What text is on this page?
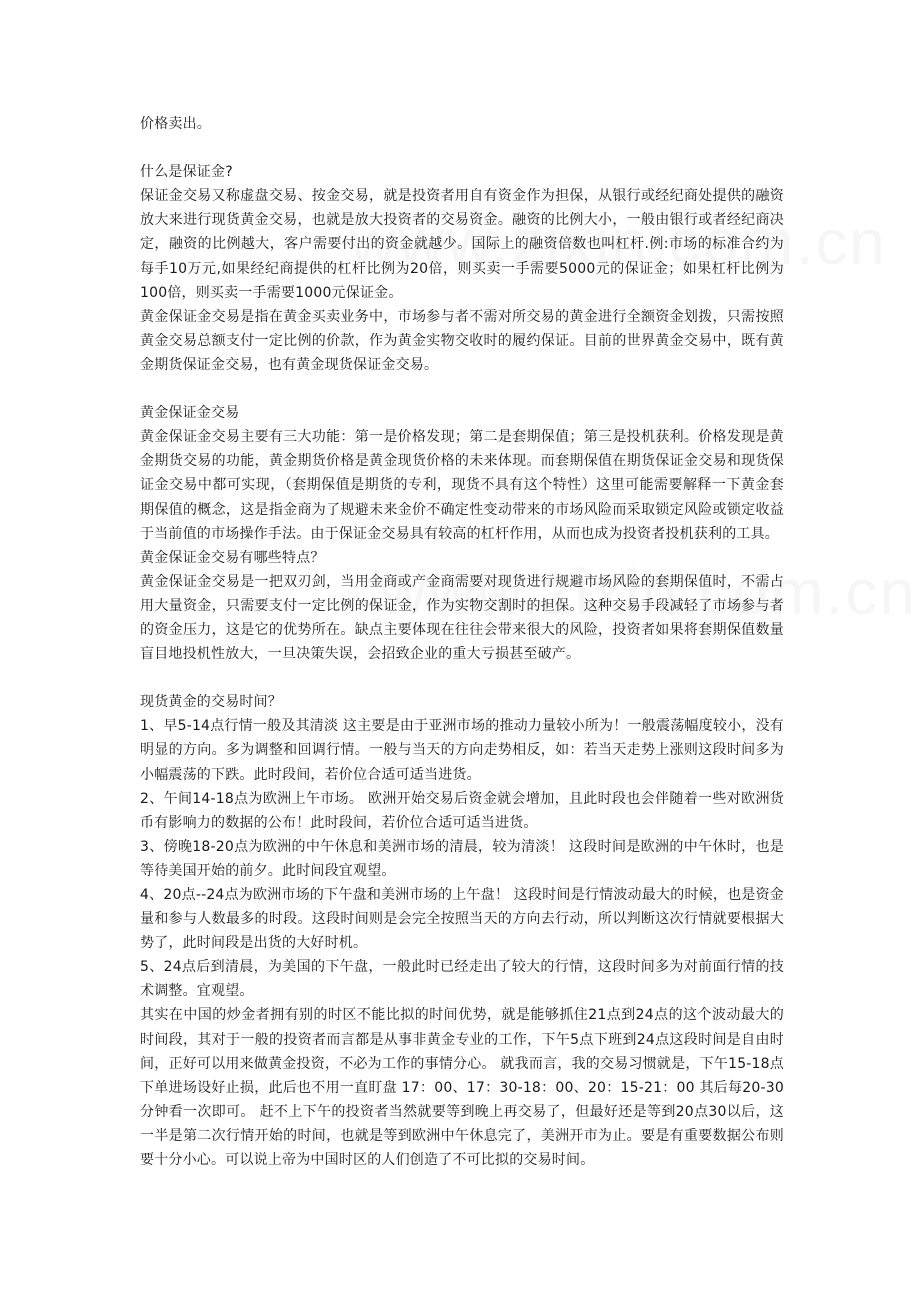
价格卖出。

什么是保证金?

保证金交易又称虚盘交易、按金交易，就是投资者用自有资金作为担保，从银行或经纪商处提供的融资放大来进行现货黄金交易，也就是放大投资者的交易资金。融资的比例大小，一般由银行或者经纪商决定，融资的比例越大，客户需要付出的资金就越少。国际上的融资倍数也叫杠杆.例:市场的标准合约为每手10万元,如果经纪商提供的杠杆比例为20倍，则买卖一手需要5000元的保证金；如果杠杆比例为100倍，则买卖一手需要1000元保证金。

黄金保证金交易是指在黄金买卖业务中，市场参与者不需对所交易的黄金进行全额资金划拨，只需按照黄金交易总额支付一定比例的价款，作为黄金实物交收时的履约保证。目前的世界黄金交易中，既有黄金期货保证金交易，也有黄金现货保证金交易。

黄金保证金交易

黄金保证金交易主要有三大功能：第一是价格发现；第二是套期保值；第三是投机获利。价格发现是黄金期货交易的功能，黄金期货价格是黄金现货价格的未来体现。而套期保值在期货保证金交易和现货保证金交易中都可实现，（套期保值是期货的专利，现货不具有这个特性）这里可能需要解释一下黄金套期保值的概念，这是指金商为了规避未来金价不确定性变动带来的市场风险而采取锁定风险或锁定收益于当前值的市场操作手法。由于保证金交易具有较高的杠杆作用，从而也成为投资者投机获利的工具。

黄金保证金交易有哪些特点？

黄金保证金交易是一把双刃剑，当用金商或产金商需要对现货进行规避市场风险的套期保值时，不需占用大量资金，只需要支付一定比例的保证金，作为实物交割时的担保。这种交易手段减轻了市场参与者的资金压力，这是它的优势所在。缺点主要体现在往往会带来很大的风险，投资者如果将套期保值数量盲目地投机性放大，一旦决策失误，会招致企业的重大亏损甚至破产。

现货黄金的交易时间？

1、早5-14点行情一般及其清淡 这主要是由于亚洲市场的推动力量较小所为！一般震荡幅度较小，没有明显的方向。多为调整和回调行情。一般与当天的方向走势相反，如：若当天走势上涨则这段时间多为小幅震荡的下跌。此时段间，若价位合适可适当进货。

2、午间14-18点为欧洲上午市场。 欧洲开始交易后资金就会增加，且此时段也会伴随着一些对欧洲货币有影响力的数据的公布！此时段间，若价位合适可适当进货。

3、傍晚18-20点为欧洲的中午休息和美洲市场的清晨，较为清淡！ 这段时间是欧洲的中午休时，也是等待美国开始的前夕。此时间段宜观望。

4、20点--24点为欧洲市场的下午盘和美洲市场的上午盘！ 这段时间是行情波动最大的时候，也是资金量和参与人数最多的时段。这段时间则是会完全按照当天的方向去行动，所以判断这次行情就要根据大势了，此时间段是出货的大好时机。

5、24点后到清晨，为美国的下午盘，一般此时已经走出了较大的行情，这段时间多为对前面行情的技术调整。宜观望。

其实在中国的炒金者拥有别的时区不能比拟的时间优势，就是能够抓住21点到24点的这个波动最大的时间段，其对于一般的投资者而言都是从事非黄金专业的工作，下午5点下班到24点这段时间是自由时间，正好可以用来做黄金投资，不必为工作的事情分心。 就我而言，我的交易习惯就是，下午15-18点下单进场设好止损，此后也不用一直盯盘 17：00、17：30-18：00、20：15-21：00 其后每20-30分钟看一次即可。 赶不上下午的投资者当然就要等到晚上再交易了，但最好还是等到20点30以后，这一半是第二次行情开始的时间，也就是等到欧洲中午休息完了，美洲开市为止。要是有重要数据公布则要十分小心。可以说上帝为中国时区的人们创造了不可比拟的交易时间。
